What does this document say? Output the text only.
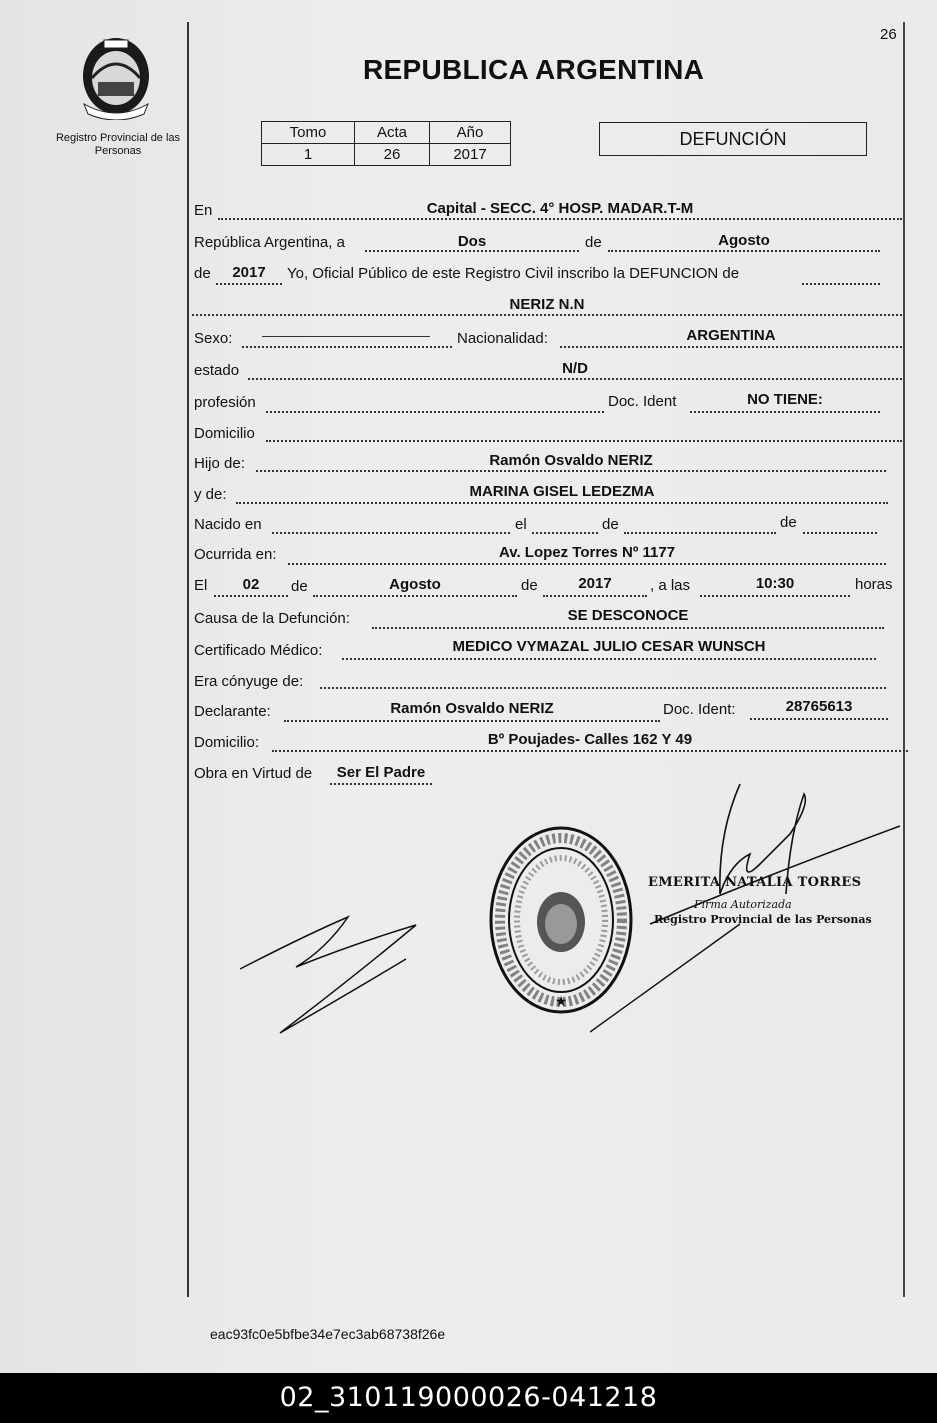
26
Registro Provincial de las Personas
REPUBLICA ARGENTINA
Tomo	Acta	Año
1	26	2017
DEFUNCIÓN
En	Capital - SECC. 4° HOSP. MADAR.T-M
República Argentina, a	Dos	de	Agosto
de	2017	Yo, Oficial Público de este Registro Civil inscribo la DEFUNCION de
NERIZ N.N
Sexo:	Nacionalidad:	ARGENTINA
estado	N/D
profesión	Doc. Ident	NO TIENE:
Domicilio
Hijo de:	Ramón Osvaldo NERIZ
y de:	MARINA GISEL LEDEZMA
Nacido en	el	de	de
Ocurrida en:	Av. Lopez Torres Nº 1177
El	02	de	Agosto	de	2017	, a las	10:30	horas
Causa de la Defunción:	SE DESCONOCE
Certificado Médico:	MEDICO VYMAZAL JULIO CESAR WUNSCH
Era cónyuge de:
Declarante:	Ramón Osvaldo NERIZ	Doc. Ident:	28765613
Domicilio:	Bº Poujades- Calles 162 Y 49
Obra en Virtud de	Ser El Padre
★
EMERITA NATALIA TORRES
Firma Autorizada
Registro Provincial de las Personas
eac93fc0e5bfbe34e7ec3ab68738f26e
02_310119000026-041218
